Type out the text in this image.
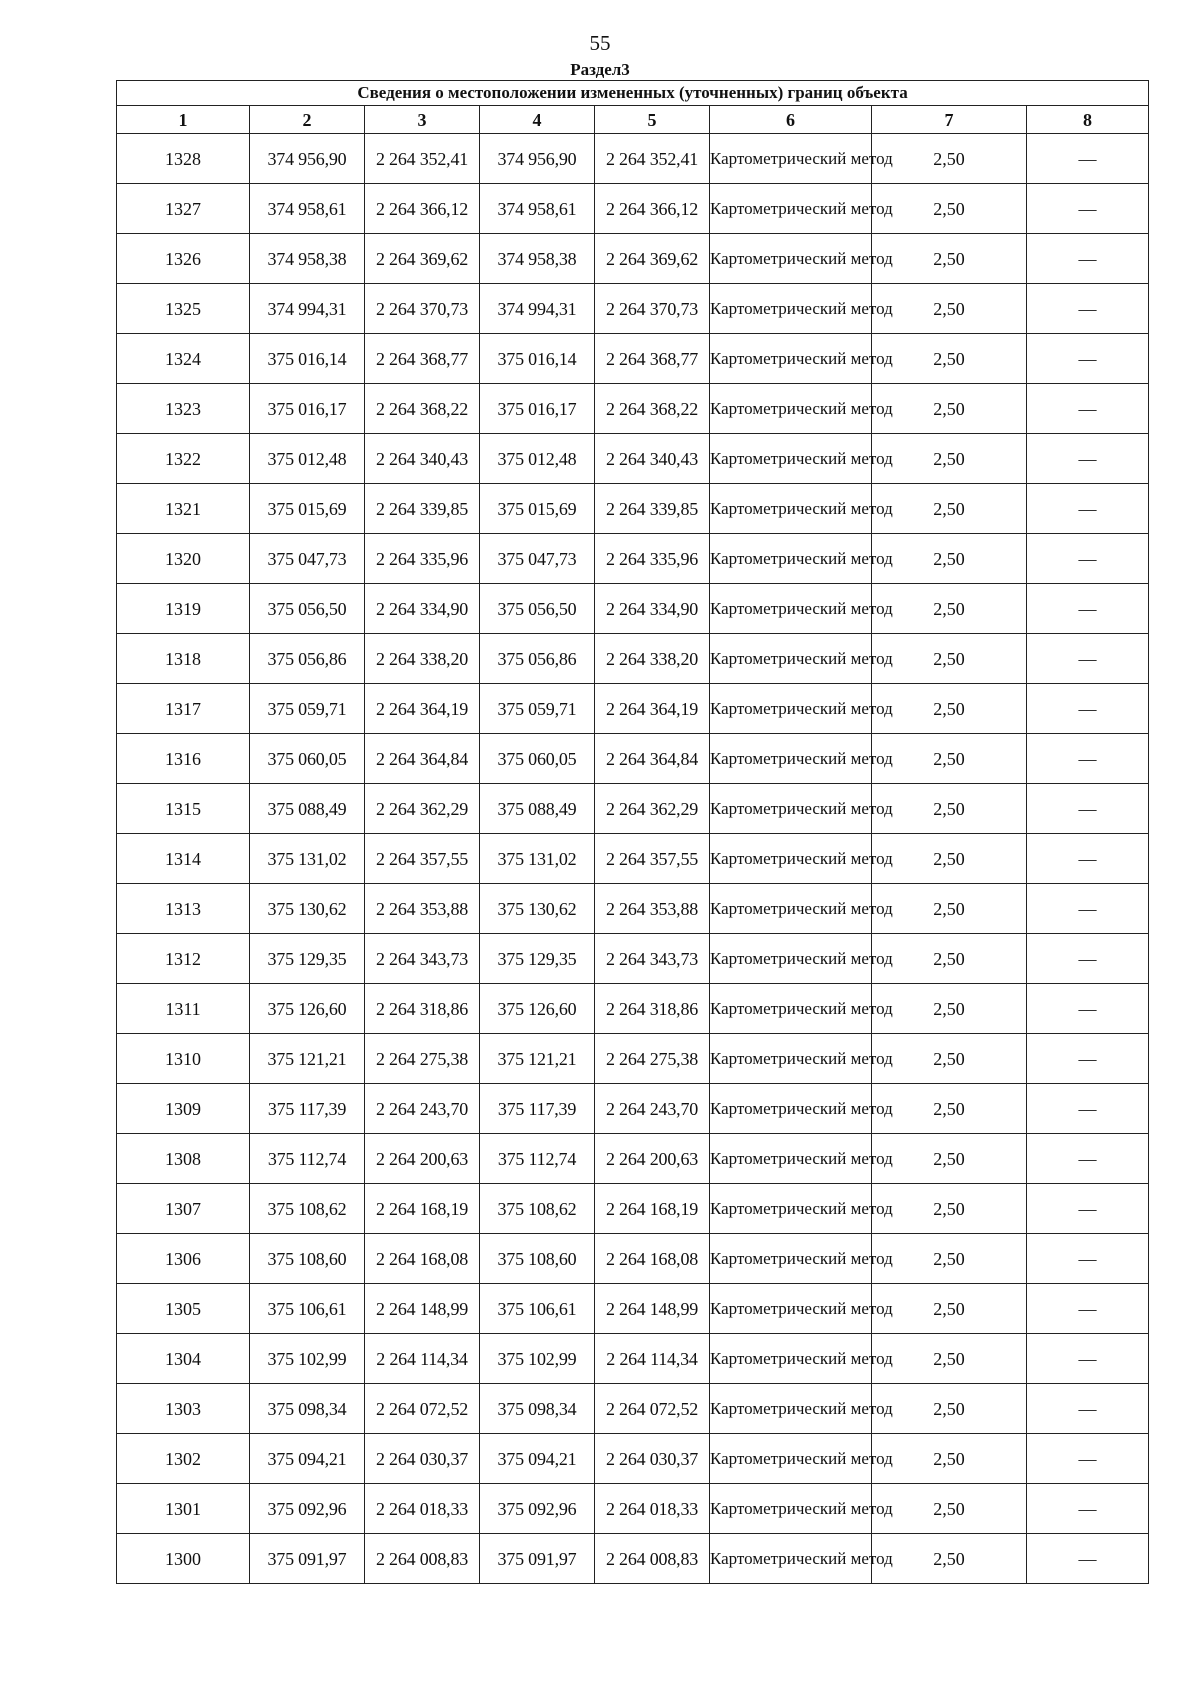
55
Раздел3
Сведения о местоположении измененных (уточненных) границ объекта							
1	2	3	4	5	6	7	8
1328	374 956,90	2 264 352,41	374 956,90	2 264 352,41	Картометрический метод	2,50	—
1327	374 958,61	2 264 366,12	374 958,61	2 264 366,12	Картометрический метод	2,50	—
1326	374 958,38	2 264 369,62	374 958,38	2 264 369,62	Картометрический метод	2,50	—
1325	374 994,31	2 264 370,73	374 994,31	2 264 370,73	Картометрический метод	2,50	—
1324	375 016,14	2 264 368,77	375 016,14	2 264 368,77	Картометрический метод	2,50	—
1323	375 016,17	2 264 368,22	375 016,17	2 264 368,22	Картометрический метод	2,50	—
1322	375 012,48	2 264 340,43	375 012,48	2 264 340,43	Картометрический метод	2,50	—
1321	375 015,69	2 264 339,85	375 015,69	2 264 339,85	Картометрический метод	2,50	—
1320	375 047,73	2 264 335,96	375 047,73	2 264 335,96	Картометрический метод	2,50	—
1319	375 056,50	2 264 334,90	375 056,50	2 264 334,90	Картометрический метод	2,50	—
1318	375 056,86	2 264 338,20	375 056,86	2 264 338,20	Картометрический метод	2,50	—
1317	375 059,71	2 264 364,19	375 059,71	2 264 364,19	Картометрический метод	2,50	—
1316	375 060,05	2 264 364,84	375 060,05	2 264 364,84	Картометрический метод	2,50	—
1315	375 088,49	2 264 362,29	375 088,49	2 264 362,29	Картометрический метод	2,50	—
1314	375 131,02	2 264 357,55	375 131,02	2 264 357,55	Картометрический метод	2,50	—
1313	375 130,62	2 264 353,88	375 130,62	2 264 353,88	Картометрический метод	2,50	—
1312	375 129,35	2 264 343,73	375 129,35	2 264 343,73	Картометрический метод	2,50	—
1311	375 126,60	2 264 318,86	375 126,60	2 264 318,86	Картометрический метод	2,50	—
1310	375 121,21	2 264 275,38	375 121,21	2 264 275,38	Картометрический метод	2,50	—
1309	375 117,39	2 264 243,70	375 117,39	2 264 243,70	Картометрический метод	2,50	—
1308	375 112,74	2 264 200,63	375 112,74	2 264 200,63	Картометрический метод	2,50	—
1307	375 108,62	2 264 168,19	375 108,62	2 264 168,19	Картометрический метод	2,50	—
1306	375 108,60	2 264 168,08	375 108,60	2 264 168,08	Картометрический метод	2,50	—
1305	375 106,61	2 264 148,99	375 106,61	2 264 148,99	Картометрический метод	2,50	—
1304	375 102,99	2 264 114,34	375 102,99	2 264 114,34	Картометрический метод	2,50	—
1303	375 098,34	2 264 072,52	375 098,34	2 264 072,52	Картометрический метод	2,50	—
1302	375 094,21	2 264 030,37	375 094,21	2 264 030,37	Картометрический метод	2,50	—
1301	375 092,96	2 264 018,33	375 092,96	2 264 018,33	Картометрический метод	2,50	—
1300	375 091,97	2 264 008,83	375 091,97	2 264 008,83	Картометрический метод	2,50	—
